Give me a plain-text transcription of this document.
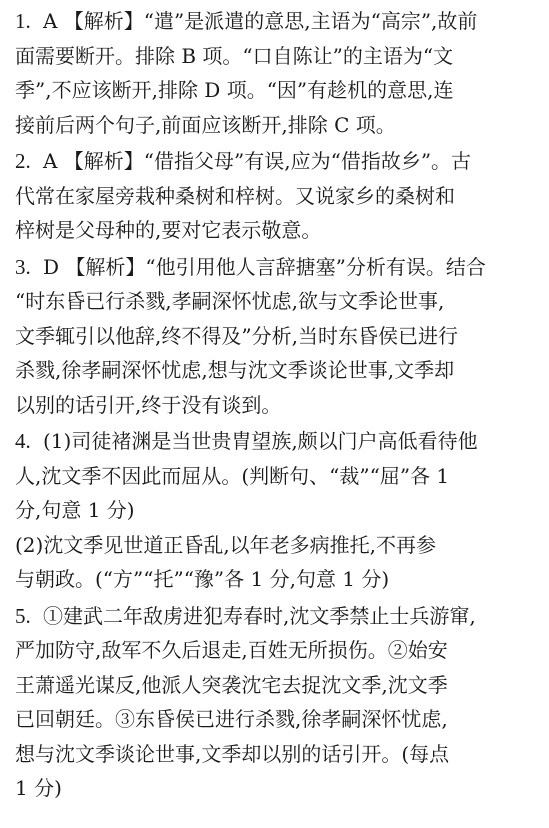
1. A 【解析】“遣”是派遣的意思,主语为“高宗”,故前
面需要断开。排除 B 项。“口自陈让”的主语为“文
季”,不应该断开,排除 D 项。“因”有趁机的意思,连
接前后两个句子,前面应该断开,排除 C 项。
2. A 【解析】“借指父母”有误,应为“借指故乡”。古
代常在家屋旁栽种桑树和梓树。又说家乡的桑树和
梓树是父母种的,要对它表示敬意。
3. D 【解析】“他引用他人言辞搪塞”分析有误。结合
“时东昏已行杀戮,孝嗣深怀忧虑,欲与文季论世事,
文季辄引以他辞,终不得及”分析,当时东昏侯已进行
杀戮,徐孝嗣深怀忧虑,想与沈文季谈论世事,文季却
以别的话引开,终于没有谈到。
4. (1)司徒褚渊是当世贵胄望族,颇以门户高低看待他
人,沈文季不因此而屈从。(判断句、“裁”“屈”各 1
分,句意 1 分)
(2)沈文季见世道正昏乱,以年老多病推托,不再参
与朝政。(“方”“托”“豫”各 1 分,句意 1 分)
5. ①建武二年敌虏进犯寿春时,沈文季禁止士兵游窜,
严加防守,敌军不久后退走,百姓无所损伤。②始安
王萧遥光谋反,他派人突袭沈宅去捉沈文季,沈文季
已回朝廷。③东昏侯已进行杀戮,徐孝嗣深怀忧虑,
想与沈文季谈论世事,文季却以别的话引开。(每点
1 分)
